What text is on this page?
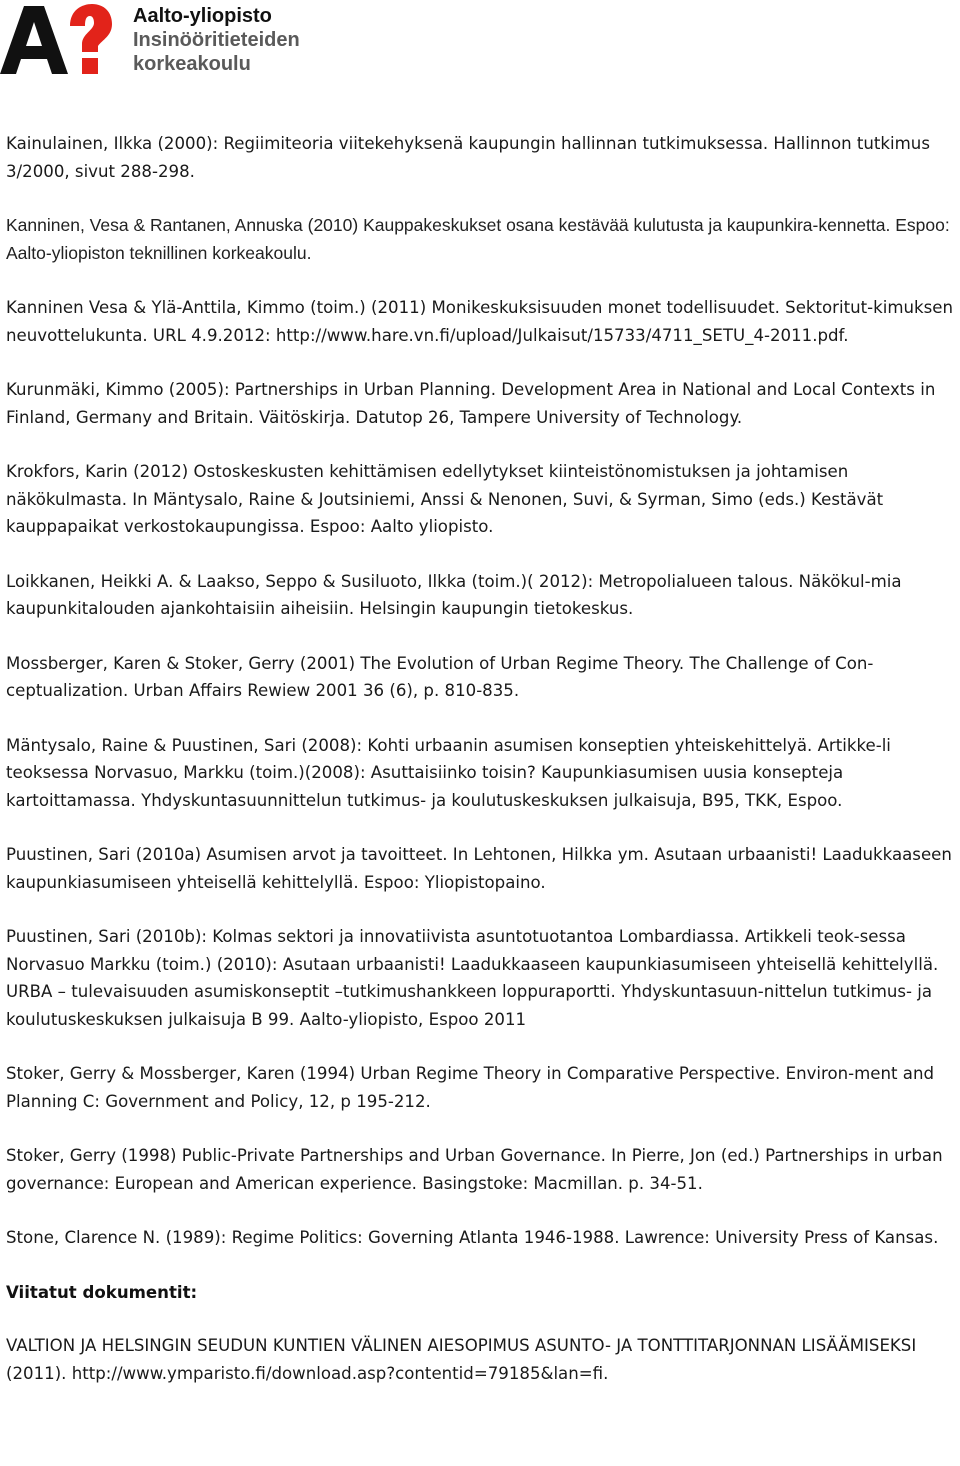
Aalto-yliopisto
Insinööritieteiden
korkeakoulu

Kainulainen, Ilkka (2000): Regiimiteoria viitekehyksenä kaupungin hallinnan tutkimuksessa. Hallinnon tutkimus 3/2000, sivut 288-298.

Kanninen, Vesa & Rantanen, Annuska (2010) Kauppakeskukset osana kestävää kulutusta ja kaupunkira-kennetta. Espoo: Aalto-yliopiston teknillinen korkeakoulu.

Kanninen Vesa & Ylä-Anttila, Kimmo (toim.) (2011) Monikeskuksisuuden monet todellisuudet. Sektoritut-kimuksen neuvottelukunta. URL 4.9.2012: http://www.hare.vn.fi/upload/Julkaisut/15733/4711_SETU_4-2011.pdf.

Kurunmäki, Kimmo (2005): Partnerships in Urban Planning. Development Area in National and Local Contexts in Finland, Germany and Britain. Väitöskirja. Datutop 26, Tampere University of Technology.

Krokfors, Karin (2012) Ostoskeskusten kehittämisen edellytykset kiinteistönomistuksen ja johtamisen näkökulmasta. In Mäntysalo, Raine & Joutsiniemi, Anssi & Nenonen, Suvi, & Syrman, Simo (eds.) Kestävät kauppapaikat verkostokaupungissa. Espoo: Aalto yliopisto.

Loikkanen, Heikki A. & Laakso, Seppo & Susiluoto, Ilkka (toim.)( 2012): Metropolialueen talous. Näkökul-mia kaupunkitalouden ajankohtaisiin aiheisiin. Helsingin kaupungin tietokeskus.

Mossberger, Karen & Stoker, Gerry (2001) The Evolution of Urban Regime Theory. The Challenge of Con-ceptualization. Urban Affairs Rewiew 2001 36 (6), p. 810-835.

Mäntysalo, Raine & Puustinen, Sari (2008): Kohti urbaanin asumisen konseptien yhteiskehittelyä. Artikke-li teoksessa Norvasuo, Markku (toim.)(2008): Asuttaisiinko toisin? Kaupunkiasumisen uusia konsepteja kartoittamassa. Yhdyskuntasuunnittelun tutkimus- ja koulutuskeskuksen julkaisuja, B95, TKK, Espoo.

Puustinen, Sari (2010a) Asumisen arvot ja tavoitteet. In Lehtonen, Hilkka ym. Asutaan urbaanisti! Laadukkaaseen kaupunkiasumiseen yhteisellä kehittelyllä. Espoo: Yliopistopaino.

Puustinen, Sari (2010b): Kolmas sektori ja innovatiivista asuntotuotantoa Lombardiassa. Artikkeli teok-sessa Norvasuo Markku (toim.) (2010): Asutaan urbaanisti! Laadukkaaseen kaupunkiasumiseen yhteisellä kehittelyllä. URBA – tulevaisuuden asumiskonseptit –tutkimushankkeen loppuraportti. Yhdyskuntasuun-nittelun tutkimus- ja koulutuskeskuksen julkaisuja B 99. Aalto-yliopisto, Espoo 2011

Stoker, Gerry & Mossberger, Karen (1994) Urban Regime Theory in Comparative Perspective. Environ-ment and Planning C: Government and Policy, 12, p 195-212.

Stoker, Gerry (1998) Public-Private Partnerships and Urban Governance. In Pierre, Jon (ed.) Partnerships in urban governance: European and American experience. Basingstoke: Macmillan. p. 34-51.

Stone, Clarence N. (1989): Regime Politics: Governing Atlanta 1946-1988. Lawrence: University Press of Kansas.

Viitatut dokumentit:

VALTION JA HELSINGIN SEUDUN KUNTIEN VÄLINEN AIESOPIMUS ASUNTO- JA TONTTITARJONNAN LISÄÄMISEKSI (2011). http://www.ymparisto.fi/download.asp?contentid=79185&lan=fi.
